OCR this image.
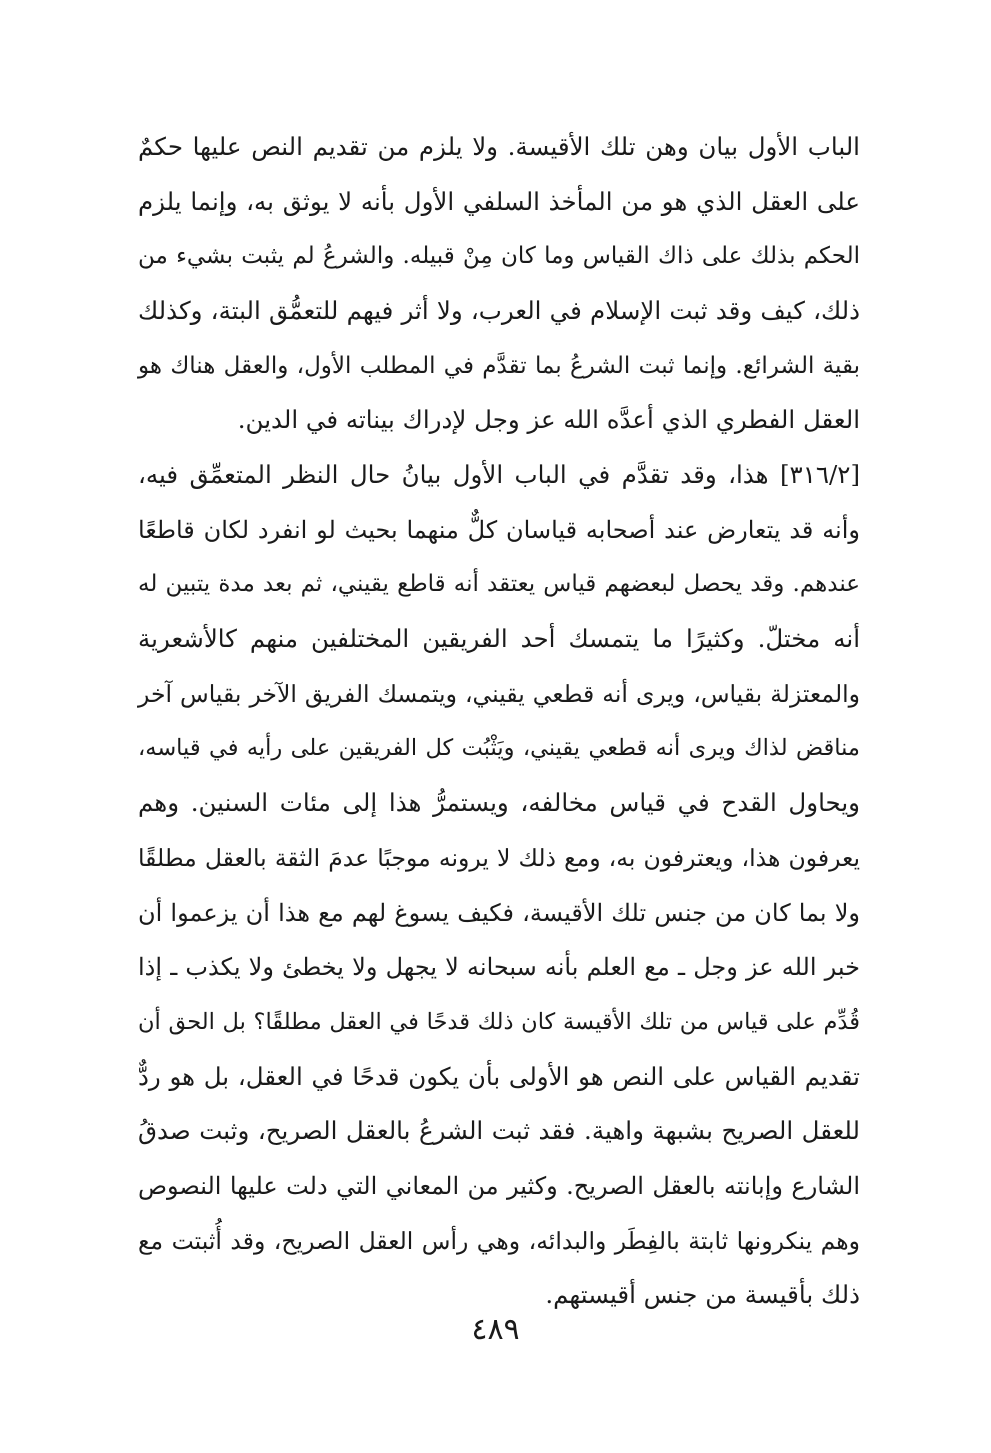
الباب الأول بيان وهن تلك الأقيسة. ولا يلزم من تقديم النص عليها حكمٌ
على العقل الذي هو من المأخذ السلفي الأول بأنه لا يوثق به، وإنما يلزم
الحكم بذلك على ذاك القياس وما كان مِنْ قبيله. والشرعُ لم يثبت بشيء من
ذلك، كيف وقد ثبت الإسلام في العرب، ولا أثر فيهم للتعمُّق البتة، وكذلك
بقية الشرائع. وإنما ثبت الشرعُ بما تقدَّم في المطلب الأول، والعقل هناك هو
العقل الفطري الذي أعدَّه الله عز وجل لإدراك بيناته في الدين.
[٣١٦/٢] هذا، وقد تقدَّم في الباب الأول بيانُ حال النظر المتعمِّق فيه،
وأنه قد يتعارض عند أصحابه قياسان كلٌّ منهما بحيث لو انفرد لكان قاطعًا
عندهم. وقد يحصل لبعضهم قياس يعتقد أنه قاطع يقيني، ثم بعد مدة يتبين له
أنه مختلّ. وكثيرًا ما يتمسك أحد الفريقين المختلفين منهم كالأشعرية
والمعتزلة بقياس، ويرى أنه قطعي يقيني، ويتمسك الفريق الآخر بقياس آخر
مناقض لذاك ويرى أنه قطعي يقيني، ويَثْبُت كل الفريقين على رأيه في قياسه،
ويحاول القدح في قياس مخالفه، ويستمرُّ هذا إلى مئات السنين. وهم
يعرفون هذا، ويعترفون به، ومع ذلك لا يرونه موجبًا عدمَ الثقة بالعقل مطلقًا
ولا بما كان من جنس تلك الأقيسة، فكيف يسوغ لهم مع هذا أن يزعموا أن
خبر الله عز وجل ـ مع العلم بأنه سبحانه لا يجهل ولا يخطئ ولا يكذب ـ إذا
قُدِّم على قياس من تلك الأقيسة كان ذلك قدحًا في العقل مطلقًا؟ بل الحق أن
تقديم القياس على النص هو الأولى بأن يكون قدحًا في العقل، بل هو ردٌّ
للعقل الصريح بشبهة واهية. فقد ثبت الشرعُ بالعقل الصريح، وثبت صدقُ
الشارع وإبانته بالعقل الصريح. وكثير من المعاني التي دلت عليها النصوص
وهم ينكرونها ثابتة بالفِطَر والبدائه، وهي رأس العقل الصريح، وقد أُثبتت مع
ذلك بأقيسة من جنس أقيستهم.
٤٨٩
